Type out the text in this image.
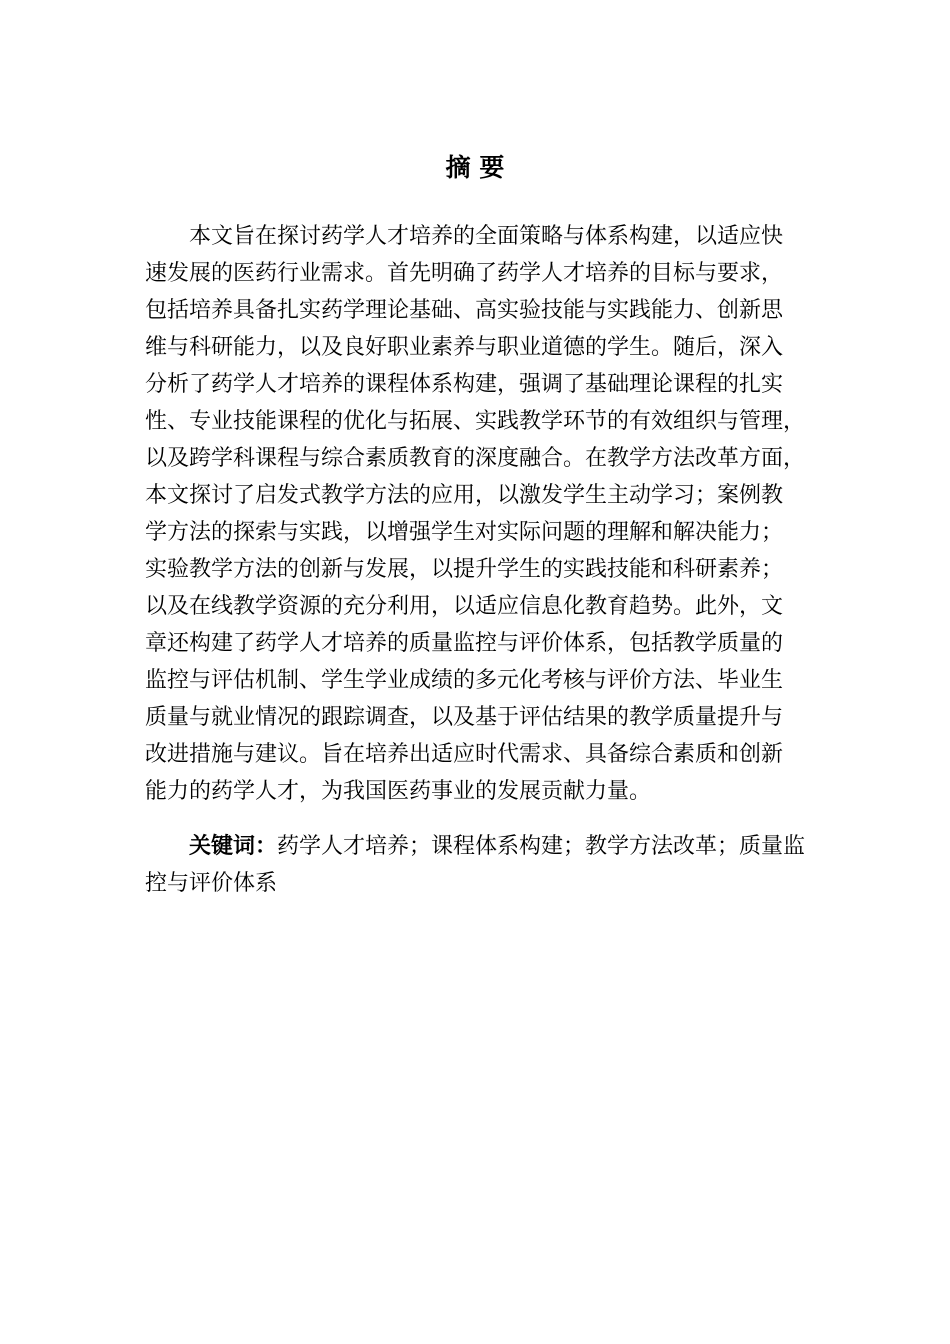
摘 要
本文旨在探讨药学人才培养的全面策略与体系构建，以适应快
速发展的医药行业需求。首先明确了药学人才培养的目标与要求，
包括培养具备扎实药学理论基础、高实验技能与实践能力、创新思
维与科研能力，以及良好职业素养与职业道德的学生。随后，深入
分析了药学人才培养的课程体系构建，强调了基础理论课程的扎实
性、专业技能课程的优化与拓展、实践教学环节的有效组织与管理，
以及跨学科课程与综合素质教育的深度融合。在教学方法改革方面，
本文探讨了启发式教学方法的应用，以激发学生主动学习；案例教
学方法的探索与实践，以增强学生对实际问题的理解和解决能力；
实验教学方法的创新与发展，以提升学生的实践技能和科研素养；
以及在线教学资源的充分利用，以适应信息化教育趋势。此外，文
章还构建了药学人才培养的质量监控与评价体系，包括教学质量的
监控与评估机制、学生学业成绩的多元化考核与评价方法、毕业生
质量与就业情况的跟踪调查，以及基于评估结果的教学质量提升与
改进措施与建议。旨在培养出适应时代需求、具备综合素质和创新
能力的药学人才，为我国医药事业的发展贡献力量。
关键词：药学人才培养；课程体系构建；教学方法改革；质量监
控与评价体系
